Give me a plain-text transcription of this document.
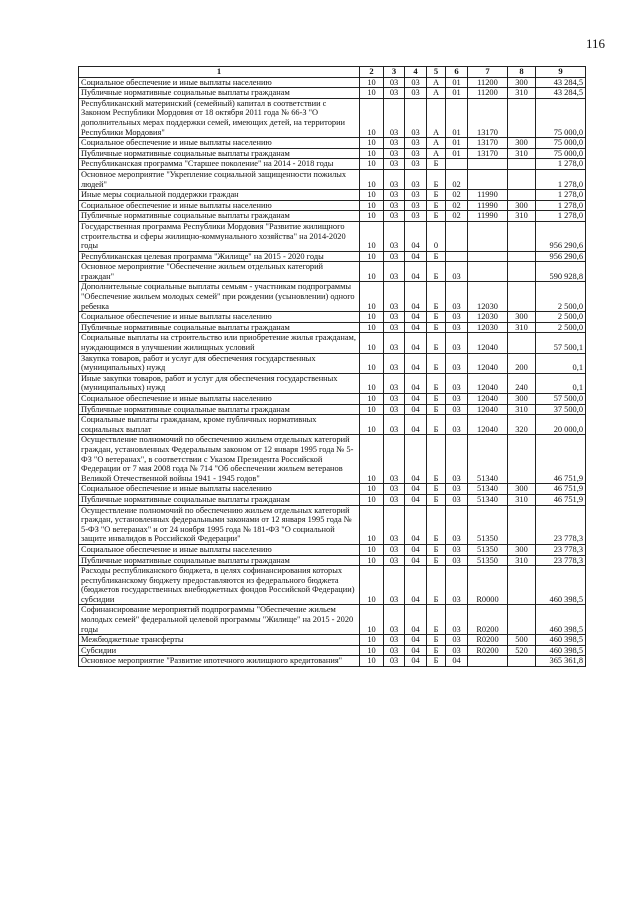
116
1	2	3	4	5	6	7	8	9
Социальное обеспечение и иные выплаты населению	10	03	03	А	01	11200	300	43 284,5
Публичные нормативные социальные выплаты гражданам	10	03	03	А	01	11200	310	43 284,5
Республиканский материнский (семейный) капитал в соответствии с Законом Республики Мордовия от 18 октября 2011 года № 66-З "О дополнительных мерах поддержки семей, имеющих детей, на территории Республики Мордовия"	10	03	03	А	01	13170		75 000,0
Социальное обеспечение и иные выплаты населению	10	03	03	А	01	13170	300	75 000,0
Публичные нормативные социальные выплаты гражданам	10	03	03	А	01	13170	310	75 000,0
Республиканская программа "Старшее поколение" на 2014 - 2018 годы	10	03	03	Б				1 278,0
Основное мероприятие "Укрепление социальной защищенности пожилых людей"	10	03	03	Б	02			1 278,0
Иные меры социальной поддержки граждан	10	03	03	Б	02	11990		1 278,0
Социальное обеспечение и иные выплаты населению	10	03	03	Б	02	11990	300	1 278,0
Публичные нормативные социальные выплаты гражданам	10	03	03	Б	02	11990	310	1 278,0
Государственная программа Республики Мордовия "Развитие жилищного строительства и сферы жилищно-коммунального хозяйства" на 2014-2020 годы	10	03	04	0				956 290,6
Республиканская целевая программа "Жилище" на 2015 - 2020 годы	10	03	04	Б				956 290,6
Основное мероприятие "Обеспечение жильем отдельных категорий граждан"	10	03	04	Б	03			590 928,8
Дополнительные социальные выплаты семьям - участникам подпрограммы "Обеспечение жильем молодых семей" при рождении (усыновлении) одного ребенка	10	03	04	Б	03	12030		2 500,0
Социальное обеспечение и иные выплаты населению	10	03	04	Б	03	12030	300	2 500,0
Публичные нормативные социальные выплаты гражданам	10	03	04	Б	03	12030	310	2 500,0
Социальные выплаты на строительство или приобретение жилья гражданам, нуждающимся в улучшении жилищных условий	10	03	04	Б	03	12040		57 500,1
Закупка товаров, работ и услуг для обеспечения государственных (муниципальных) нужд	10	03	04	Б	03	12040	200	0,1
Иные закупки товаров, работ и услуг для обеспечения государственных (муниципальных) нужд	10	03	04	Б	03	12040	240	0,1
Социальное обеспечение и иные выплаты населению	10	03	04	Б	03	12040	300	57 500,0
Публичные нормативные социальные выплаты гражданам	10	03	04	Б	03	12040	310	37 500,0
Социальные выплаты гражданам, кроме публичных нормативных социальных выплат	10	03	04	Б	03	12040	320	20 000,0
Осуществление полномочий по обеспечению жильем отдельных категорий граждан, установленных Федеральным законом от 12 января 1995 года № 5-ФЗ "О ветеранах", в соответствии с Указом Президента Российской Федерации от 7 мая 2008 года № 714 "Об обеспечении жильем ветеранов Великой Отечественной войны 1941 - 1945 годов"	10	03	04	Б	03	51340		46 751,9
Социальное обеспечение и иные выплаты населению	10	03	04	Б	03	51340	300	46 751,9
Публичные нормативные социальные выплаты гражданам	10	03	04	Б	03	51340	310	46 751,9
Осуществление полномочий по обеспечению жильем отдельных категорий граждан, установленных федеральными законами от 12 января 1995 года № 5-ФЗ "О ветеранах" и от 24 ноября 1995 года № 181-ФЗ "О социальной защите инвалидов в Российской Федерации"	10	03	04	Б	03	51350		23 778,3
Социальное обеспечение и иные выплаты населению	10	03	04	Б	03	51350	300	23 778,3
Публичные нормативные социальные выплаты гражданам	10	03	04	Б	03	51350	310	23 778,3
Расходы республиканского бюджета, в целях софинансирования которых республиканскому бюджету предоставляются из федерального бюджета (бюджетов государственных внебюджетных фондов Российской Федерации) субсидии	10	03	04	Б	03	R0000		460 398,5
Софинансирование мероприятий подпрограммы "Обеспечение жильем молодых семей" федеральной целевой программы "Жилище" на 2015 - 2020 годы	10	03	04	Б	03	R0200		460 398,5
Межбюджетные трансферты	10	03	04	Б	03	R0200	500	460 398,5
Субсидии	10	03	04	Б	03	R0200	520	460 398,5
Основное мероприятие "Развитие ипотечного жилищного кредитования"	10	03	04	Б	04			365 361,8
